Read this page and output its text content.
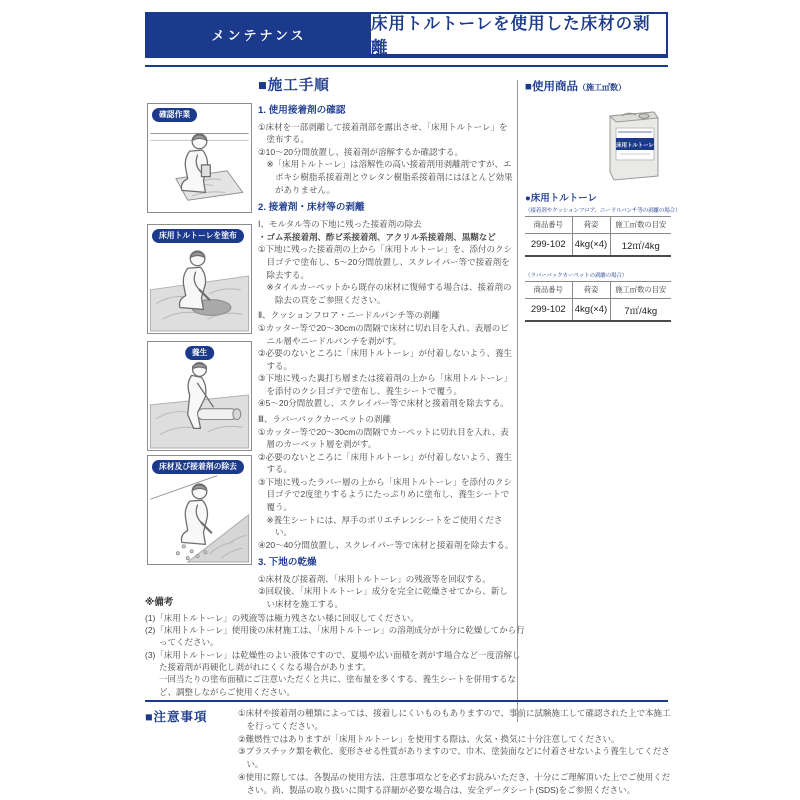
メンテナンス
床用トルトーレを使用した床材の剥離
確認作業
床用トルトーレを塗布
養生
床材及び接着剤の除去
■施工手順
1. 使用接着剤の確認

①床材を一部剥離して接着剤部を露出させ、「床用トルトーレ」を塗布する。

②10～20分間放置し、接着剤が溶解するか確認する。

※「床用トルトーレ」は溶解性の高い接着剤用剥離剤ですが、エポキシ樹脂系接着剤とウレタン樹脂系接着剤にはほとんど効果がありません。

2. 接着剤・床材等の剥離

Ⅰ、モルタル等の下地に残った接着剤の除去

・ゴム系接着剤、酢ビ系接着剤、アクリル系接着剤、黒糊など

①下地に残った接着剤の上から「床用トルトーレ」を、添付のクシ目ゴテで塗布し、5～20分間放置し、スクレイパー等で接着剤を除去する。

※タイルカーペットから既存の床材に復帰する場合は、接着剤の除去の頁をご参照ください。

Ⅱ、クッションフロア・ニードルパンチ等の剥離

①カッター等で20～30cmの間隔で床材に切れ目を入れ、表層のビニル層やニードルパンチを剥がす。

②必要のないところに「床用トルトーレ」が付着しないよう、養生する。

③下地に残った裏打ち層または接着剤の上から「床用トルトーレ」を添付のクシ目ゴテで塗布し、養生シートで覆う。

④5～20分間放置し、スクレイパー等で床材と接着剤を除去する。

Ⅲ、ラバーバックカーペットの剥離

①カッター等で20～30cmの間隔でカーペットに切れ目を入れ、表層のカーペット層を剥がす。

②必要のないところに「床用トルトーレ」が付着しないよう、養生する。

③下地に残ったラバー層の上から「床用トルトーレ」を添付のクシ目ゴテで2度塗りするようにたっぷりめに塗布し、養生シートで覆う。

※養生シートには、厚手のポリエチレンシートをご使用ください。

④20～40分間放置し、スクレイパー等で床材と接着剤を除去する。

3. 下地の乾燥

①床材及び接着剤、「床用トルトーレ」の残液等を回収する。

②回収後、「床用トルトーレ」成分を完全に乾燥させてから、新しい床材を施工する。

■使用商品（施工㎡数）
床用トルトーレ
●床用トルトーレ
（接着剤やクッションフロア、ニードルパンチ等の剥離の場合）
商品番号	荷姿	施工㎡数の目安
299-102	4kg(×4)	12㎡/4kg
（ラバーバックカーペットの剥離の場合）
商品番号	荷姿	施工㎡数の目安
299-102	4kg(×4)	7㎡/4kg
※備考

(1)「床用トルトーレ」の残液等は極力残さない様に回収してください。

(2)「床用トルトーレ」使用後の床材施工は、「床用トルトーレ」の溶剤成分が十分に乾燥してから行ってください。

(3)「床用トルトーレ」は乾燥性のよい液体ですので、夏場や広い面積を剥がす場合など一度溶解した接着剤が再硬化し剥がれにくくなる場合があります。

一回当たりの塗布面積にご注意いただくと共に、塗布量を多くする、養生シートを併用するなど、調整しながらご使用ください。

■注意事項	①床材や接着剤の種類によっては、接着しにくいものもありますので、事前に試験施工して確認された上で本施工を行ってください。

②難燃性ではありますが「床用トルトーレ」を使用する際は、火気・換気に十分注意してください。

③プラスチック類を軟化、変形させる性質がありますので、巾木、塗装面などに付着させないよう養生してください。

④使用に際しては、各製品の使用方法、注意事項などを必ずお読みいただき、十分にご理解頂いた上でご使用ください。尚、製品の取り扱いに関する詳細が必要な場合は、安全データシート(SDS)をご参照ください。
